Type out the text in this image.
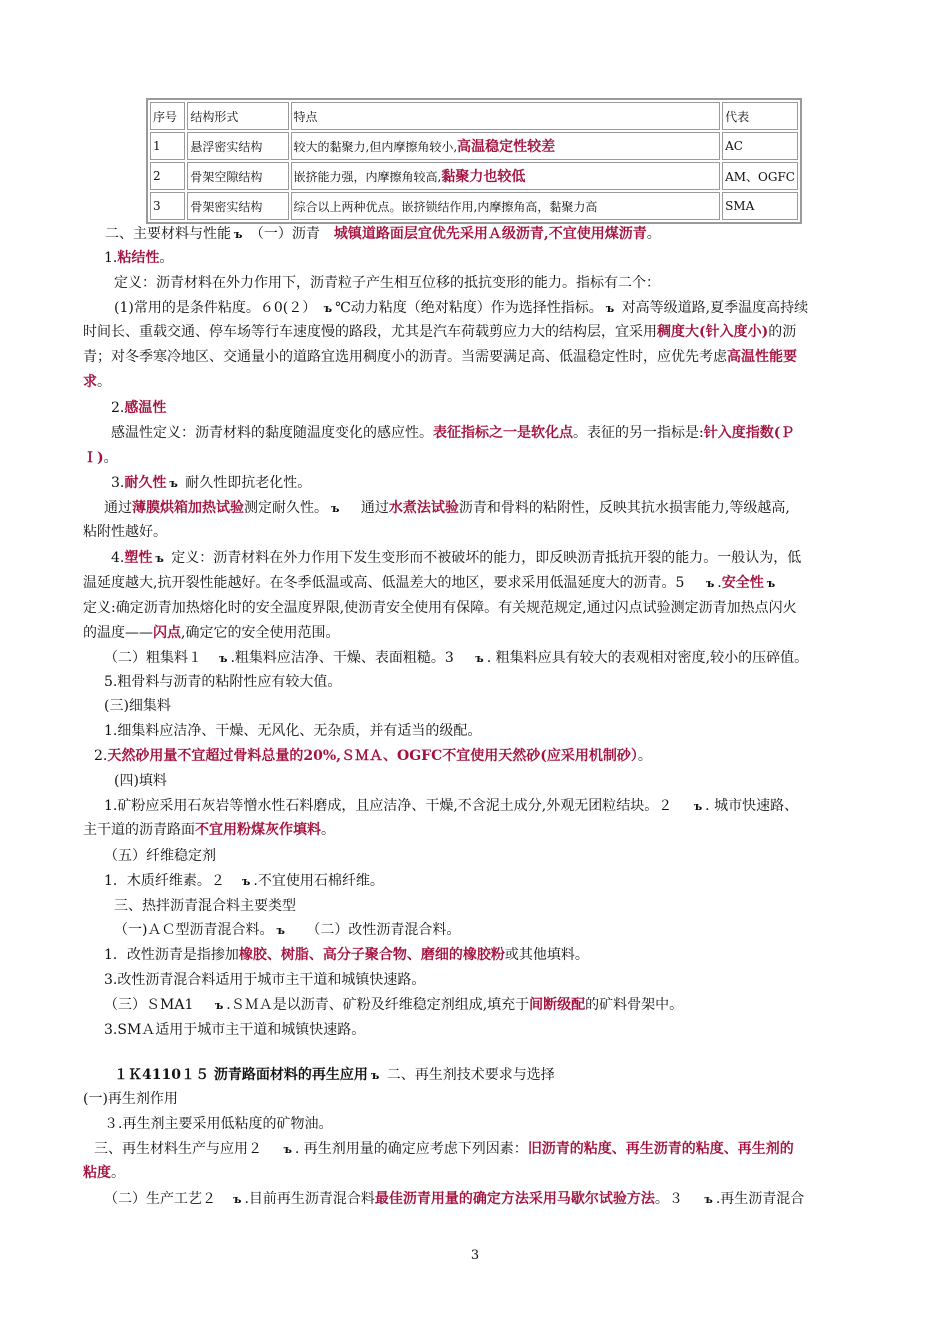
序号	结构形式	特点	代表
1	悬浮密实结构	较大的黏聚力,但内摩擦角较小,高温稳定性较差	AC
2	骨架空隙结构	嵌挤能力强，内摩擦角较高,黏聚力也较低	AM、OGFC
3	骨架密实结构	综合以上两种优点。嵌挤锁结作用,内摩擦角高，黏聚力高	SMA
二、主要材料与性能 ъ （一）沥青　 城镇道路面层宜优先采用Ａ级沥青,不宜使用煤沥青。
1.粘结性。
定义：沥青材料在外力作用下，沥青粒子产生相互位移的抵抗变形的能力。指标有二个：
(1)常用的是条件粘度。６0(２） ъ ℃动力粘度（绝对粘度）作为选择性指标。 ъ 对高等级道路,夏季温度高持续
时间长、重载交通、停车场等行车速度慢的路段，尤其是汽车荷载剪应力大的结构层，宜采用稠度大(针入度小)的沥
青；对冬季寒冷地区、交通量小的道路宜选用稠度小的沥青。当需要满足高、低温稳定性时，应优先考虑高温性能要
求。
2.感温性
感温性定义：沥青材料的黏度随温度变化的感应性。表征指标之一是软化点。表征的另一指标是:针入度指数(Ｐ
Ｉ)。
3.耐久性 ъ 耐久性即抗老化性。
通过薄膜烘箱加热试验测定耐久性。 ъ　 通过水煮法试验沥青和骨料的粘附性，反映其抗水损害能力,等级越高,
粘附性越好。
4.塑性 ъ 定义：沥青材料在外力作用下发生变形而不被破坏的能力，即反映沥青抵抗开裂的能力。一般认为，低
温延度越大,抗开裂性能越好。在冬季低温或高、低温差大的地区，要求采用低温延度大的沥青。5　 ъ .安全性 ъ
定义:确定沥青加热熔化时的安全温度界限,使沥青安全使用有保障。有关规范规定,通过闪点试验测定沥青加热点闪火
的温度——闪点,确定它的安全使用范围。
（二）粗集料１　 ъ .粗集料应洁净、干燥、表面粗糙。3　 ъ . 粗集料应具有较大的表观相对密度,较小的压碎值。
5.粗骨料与沥青的粘附性应有较大值。
(三)细集料
1.细集料应洁净、干燥、无风化、无杂质，并有适当的级配。
2.天然砂用量不宜超过骨料总量的20%,ＳＭＡ、OGFC不宜使用天然砂(应采用机制砂）。
(四)填料
1.矿粉应采用石灰岩等憎水性石料磨成，且应洁净、干燥,不含泥土成分,外观无团粒结块。２　 ъ . 城市快速路、
主干道的沥青路面不宜用粉煤灰作填料。
（五）纤维稳定剂
1．木质纤维素。２　 ъ .不宜使用石棉纤维。
三、热拌沥青混合料主要类型
（一)ＡＣ型沥青混合料。 ъ　 （二）改性沥青混合料。
1．改性沥青是指掺加橡胶、树脂、高分子聚合物、磨细的橡胶粉或其他填料。
3.改性沥青混合料适用于城市主干道和城镇快速路。
（三）ＳMA1　 ъ .ＳＭＡ是以沥青、矿粉及纤维稳定剂组成,填充于间断级配的矿料骨架中。
3.SMＡ适用于城市主干道和城镇快速路。
１Ｋ4110１５ 沥青路面材料的再生应用 ъ 二、再生剂技术要求与选择
(一)再生剂作用
３.再生剂主要采用低粘度的矿物油。
三、再生材料生产与应用２　 ъ . 再生剂用量的确定应考虑下列因素：旧沥青的粘度、再生沥青的粘度、再生剂的
粘度。
（二）生产工艺２　 ъ .目前再生沥青混合料最佳沥青用量的确定方法采用马歇尔试验方法。３　 ъ .再生沥青混合
3
